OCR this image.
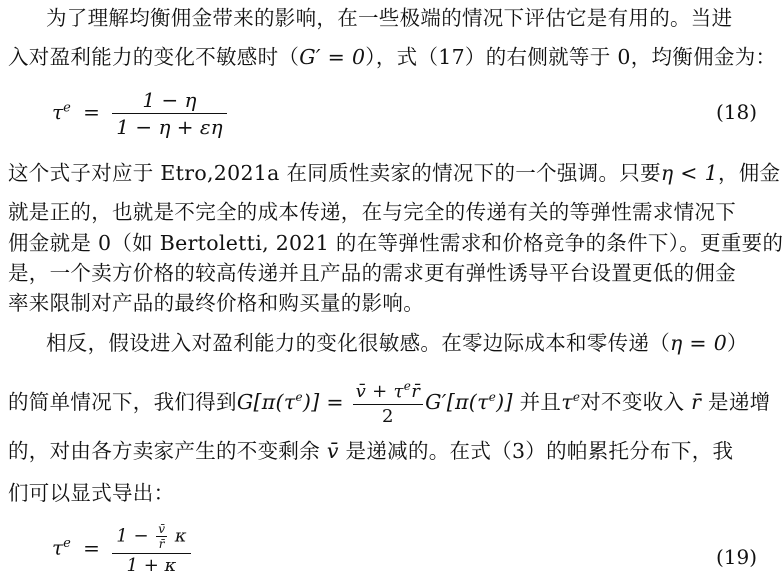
为了理解均衡佣金带来的影响，在一些极端的情况下评估它是有用的。当进
入对盈利能力的变化不敏感时（G′ = 0），式（17）的右侧就等于 0，均衡佣金为：
$\tau^e = \frac{1 - \eta}{1 - \eta + \varepsilon\eta}$	(18)
这个式子对应于 Etro,2021a 在同质性卖家的情况下的一个强调。只要η < 1，佣金
就是正的，也就是不完全的成本传递，在与完全的传递有关的等弹性需求情况下
佣金就是 0（如 Bertoletti, 2021 的在等弹性需求和价格竞争的条件下）。更重要的
是，一个卖方价格的较高传递并且产品的需求更有弹性诱导平台设置更低的佣金
率来限制对产品的最终价格和购买量的影响。
相反，假设进入对盈利能力的变化很敏感。在零边际成本和零传递（η = 0）
的简单情况下，我们得到$G[\pi(\tau^e)] = \frac{v̄ + \tau^er̄}{2} G'[\pi(\tau^e)]$ 并且$\tau^e$对不变收入 r̄ 是递增
的，对由各方卖家产生的不变剩余 v̄ 是递减的。在式（3）的帕累托分布下，我
们可以显式导出：
$\tau^e = 1 - \frac{v̄}{r̄}$ κ
1 + κ	(19)
